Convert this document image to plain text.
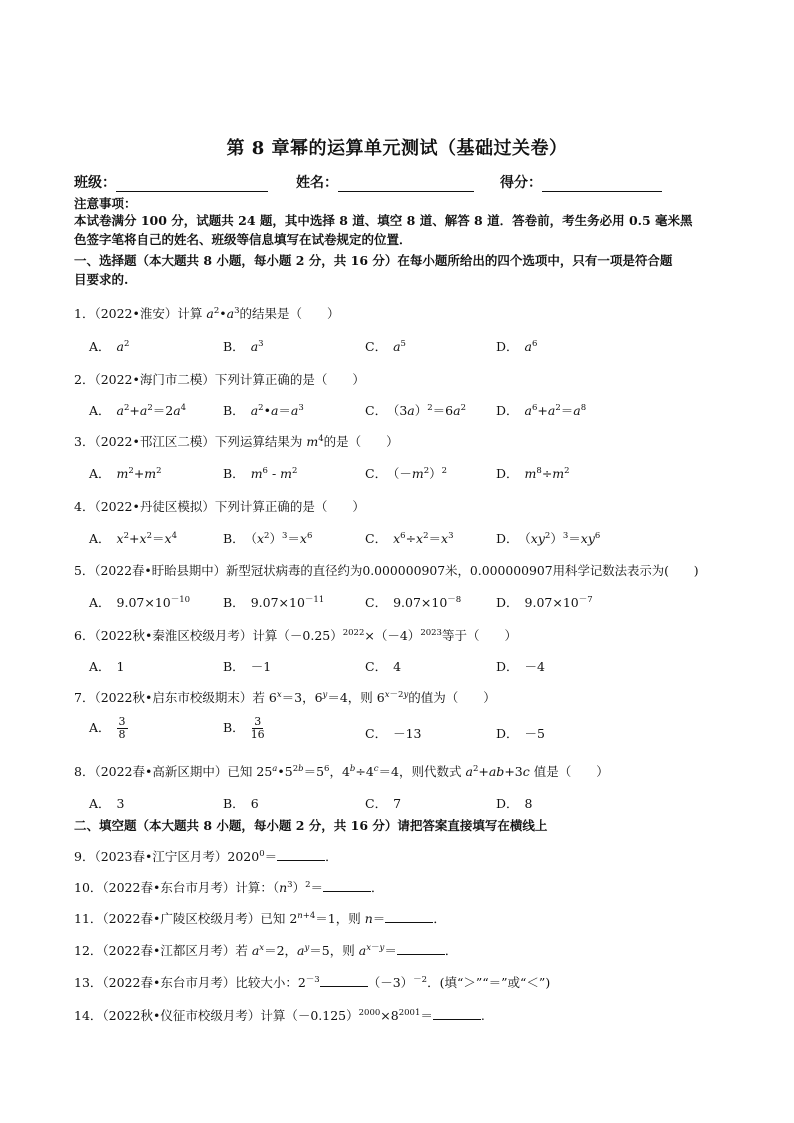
第 8 章幂的运算单元测试（基础过关卷）
班级：	姓名：	得分：
注意事项：
本试卷满分 100 分，试题共 24 题，其中选择 8 道、填空 8 道、解答 8 道．答卷前，考生务必用 0.5 毫米黑
色签字笔将自己的姓名、班级等信息填写在试卷规定的位置．
一、选择题（本大题共 8 小题，每小题 2 分，共 16 分）在每小题所给出的四个选项中，只有一项是符合题
目要求的.
1．（2022•淮安）计算 $a^2•a^3$的结果是（　　）
A． $a^2$	B． $a^3$	C． $a^5$	D． $a^6$
2．（2022•海门市二模）下列计算正确的是（　　）
A． $a^2+a^2=2a^4$	B． $a^2•a=a^3$	C． $(3a)^2=6a^2$ D． $a^6+a^2=a^8$
3．（2022•邗江区二模）下列运算结果为 $m^4$的是（　　）
A． $m^2+m^2$	B． $m^6 - m^2$	C． $(-m^2)^2$	D． $m^8\div m^2$
4．（2022•丹徒区模拟）下列计算正确的是（　　）
A． $x^2+x^2=x^4$	B． $(x^2)^3=x^6$	C． $x^6\div x^2=x^3$	D． $(xy^2)^3=xy^6$
5．（2022春•盱眙县期中）新型冠状病毒的直径约为0.000000907米，0.000000907用科学记数法表示为(　　)
A． $9.07\times 10^{-10}$	B． $9.07\times 10^{-11}$	C． $9.07\times 10^{-8}$	D． $9.07\times 10^{-7}$
6．（2022秋•秦淮区校级月考）计算$(-0.25)^{2022}\times(-4)^{2023}$等于（　　）
A． 1	B． －1	C． 4	D． －4
7．（2022秋•启东市校级期末）若 $6^x=3$，$6^y=4$，则 $6^{x-2y}$的值为（　　）
A． $\frac{3}{8}$	B． $\frac{3}{16}$	C． －13	D． －5
8．（2022春•高新区期中）已知 $25^a•5^{2b}=5^6$，$4^b\div 4^c=4$，则代数式 $a^2+ab+3c$ 值是（　　）
A． 3	B． 6	C． 7	D． 8
二、填空题（本大题共 8 小题，每小题 2 分，共 16 分）请把答案直接填写在横线上
9．（2023春•江宁区月考）$2020^0=$	．
10．（2022春•东台市月考）计算：$(n^3)^2=$	．
11．（2022春•广陵区校级月考）已知 $2^{n+4}=1$，则 n＝	．
12．（2022春•江都区月考）若 $a^x=2$，$a^y=5$，则 $a^{x-y}=$	．
13．（2022春•东台市月考）比较大小：$2^{-3}$	$(-3)^{-2}$．(填“＞”“＝”或“＜”)
14．（2022秋•仪征市校级月考）计算$(-0.125)^{2000}\times 8^{2001}=$	.
